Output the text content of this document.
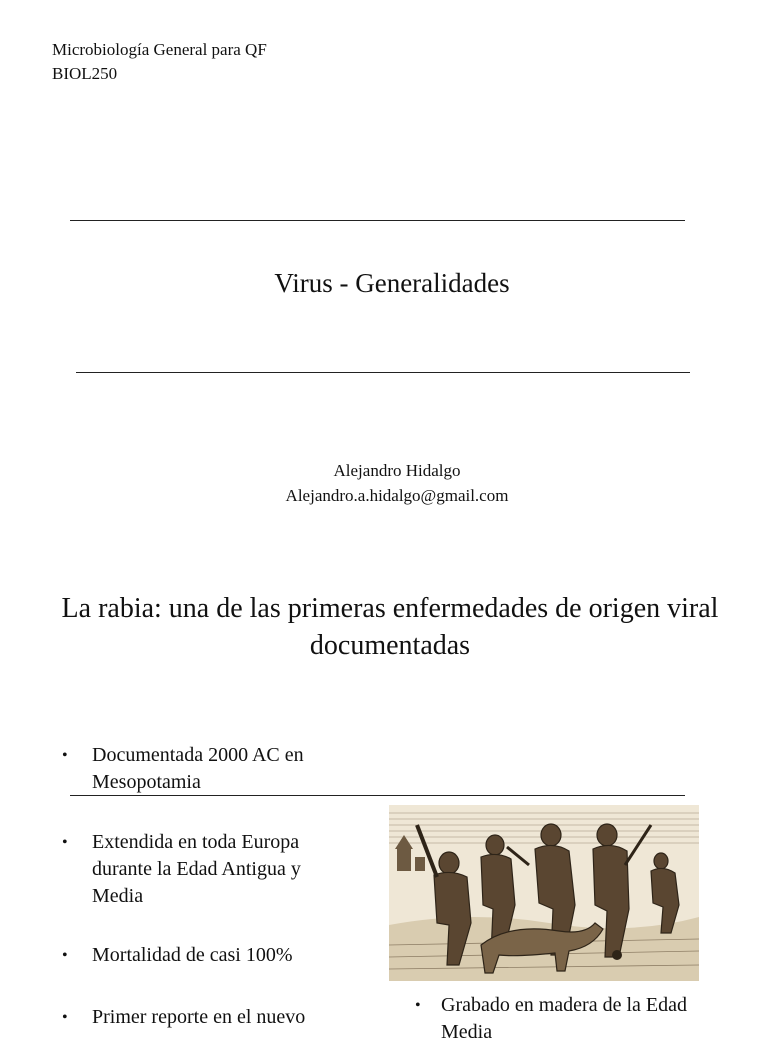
Microbiología General para QF
BIOL250
Virus - Generalidades
Alejandro Hidalgo
Alejandro.a.hidalgo@gmail.com
La rabia: una de las primeras enfermedades de origen viral documentadas
•	Documentada 2000 AC en Mesopotamia
•	Extendida en toda Europa durante la Edad Antigua y Media
•	Mortalidad de casi 100%
•	Primer reporte en el nuevo
•	Grabado en madera de la Edad Media
